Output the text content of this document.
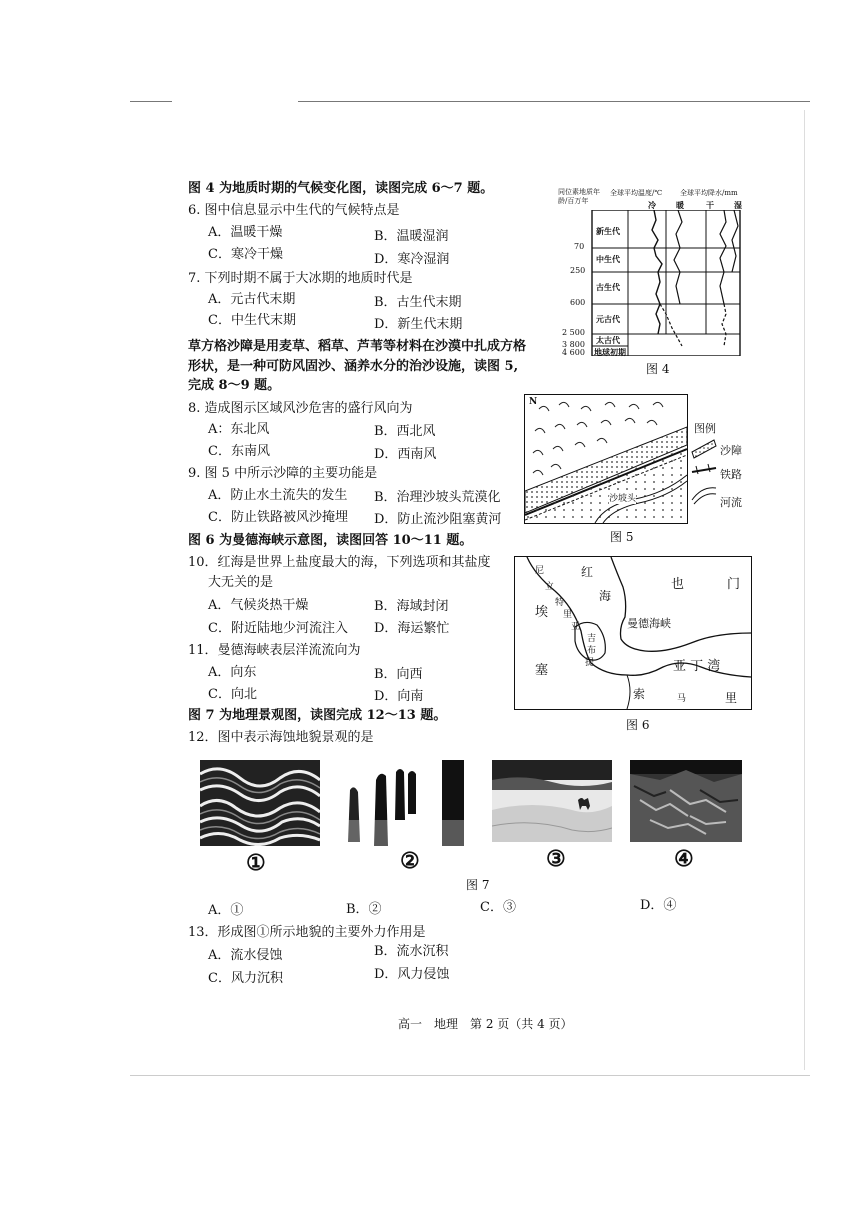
图 4 为地质时期的气候变化图，读图完成 6～7 题。
6. 图中信息显示中生代的气候特点是
A．温暖干燥	B．温暖湿润
C．寒冷干燥	D．寒冷湿润
7. 下列时期不属于大冰期的地质时代是
A．元古代末期	B．古生代末期
C．中生代末期	D．新生代末期
草方格沙障是用麦草、稻草、芦苇等材料在沙漠中扎成方格
形状，是一种可防风固沙、涵养水分的治沙设施，读图 5,
完成 8～9 题。
8. 造成图示区域风沙危害的盛行风向为
A：东北风	B．西北风
C．东南风	D．西南风
9. 图 5 中所示沙障的主要功能是
A．防止水土流失的发生 B．治理沙坡头荒漠化
C．防止铁路被风沙掩埋 D．防止流沙阻塞黄河
图 6 为曼德海峡示意图，读图回答 10～11 题。
10．红海是世界上盐度最大的海，下列选项和其盐度
大无关的是
A．气候炎热干燥	B．海域封闭
C．附近陆地少河流注入 D．海运繁忙
11．曼德海峡表层洋流流向为
A．向东	B．向西
C．向北	D．向南
图 7 为地理景观图，读图完成 12～13 题。
12．图中表示海蚀地貌景观的是
同位素地质年龄/百万年
全球平均温度/℃	全球平均降水/mm
冷	暖	干	湿
新生代
中生代
古生代
元古代
太古代
地球初期
70
250
600
2 500
3 800
4 600
图 4
N
沙坡头
图例
沙障
铁路
河流
图 5
尼
立
特
里
亚
红
海
也	门
埃
塞
曼德海峡
吉
布
提	亚 丁 湾
索	马	里
图 6
①	②	③	④
图 7
A．①	B．②	C．③	D．④
13．形成图①所示地貌的主要外力作用是
A．流水侵蚀	B．流水沉积
C．风力沉积	D．风力侵蚀
高一　地理　第 2 页（共 4 页）
